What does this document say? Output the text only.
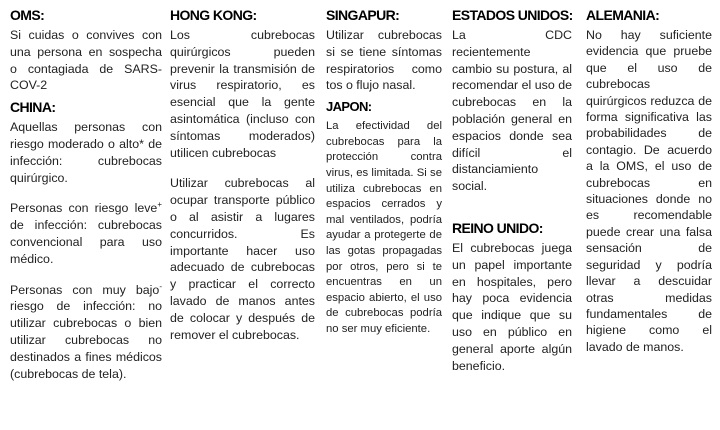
OMS:
Si cuidas o convives con una persona en sospecha o contagiada de SARS-COV-2
CHINA:
Aquellas personas con riesgo moderado o alto* de infección: cubrebocas quirúrgico.
Personas con riesgo leve+ de infección: cubrebocas convencional para uso médico.
Personas con muy bajo- riesgo de infección: no utilizar cubrebocas o bien utilizar cubrebocas no destinados a fines médicos (cubrebocas de tela).
HONG KONG:
Los cubrebocas quirúrgicos pueden prevenir la transmisión de virus respiratorio, es esencial que la gente asintomática (incluso con síntomas moderados) utilicen cubrebocas
Utilizar cubrebocas al ocupar transporte público o al asistir a lugares concurridos. Es importante hacer uso adecuado de cubrebocas y practicar el correcto lavado de manos antes de colocar y después de remover el cubrebocas.
SINGAPUR:
Utilizar cubrebocas si se tiene síntomas respiratorios como tos o flujo nasal.
JAPON:
La efectividad del cubrebocas para la protección contra virus, es limitada. Si se utiliza cubrebocas en espacios cerrados y mal ventilados, podría ayudar a protegerte de las gotas propagadas por otros, pero si te encuentras en un espacio abierto, el uso de cubrebocas podría no ser muy eficiente.
ESTADOS UNIDOS:
La CDC recientemente cambio su postura, al recomendar el uso de cubrebocas en la población general en espacios donde sea difícil el distanciamiento social.
REINO UNIDO:
El cubrebocas juega un papel importante en hospitales, pero hay poca evidencia que indique que su uso en público en general aporte algún beneficio.
ALEMANIA:
No hay suficiente evidencia que pruebe que el uso de cubrebocas quirúrgicos reduzca de forma significativa las probabilidades de contagio. De acuerdo a la OMS, el uso de cubrebocas en situaciones donde no es recomendable puede crear una falsa sensación de seguridad y podría llevar a descuidar otras medidas fundamentales de higiene como el lavado de manos.
